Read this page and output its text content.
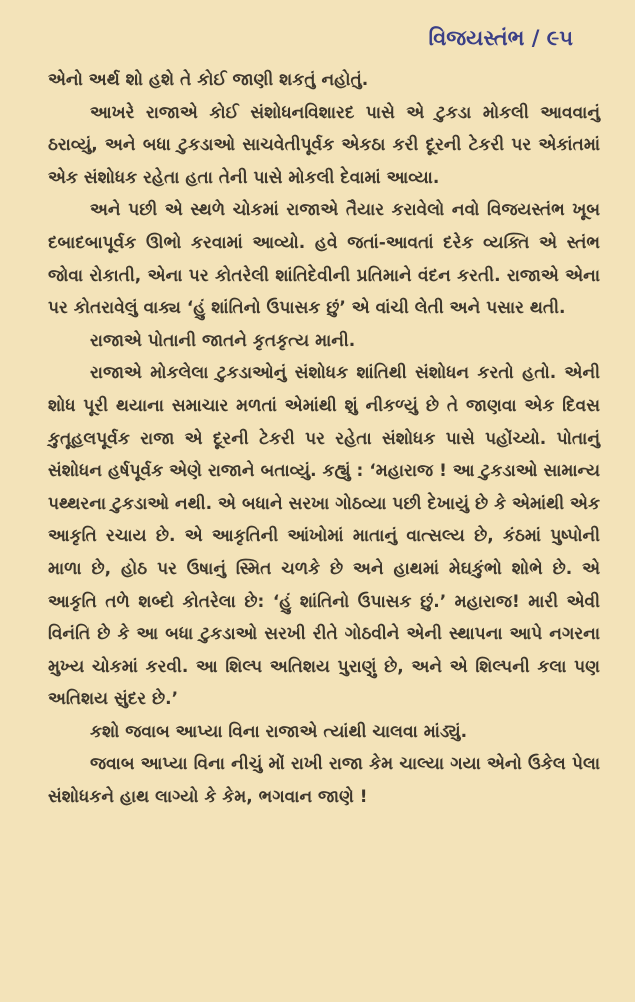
વિજયસ્તંભ / ૯૫

એનો અર્થ શો હશે તે કોઈ જાણી શકતું નહોતું.

આખરે રાજાએ કોઈ સંશોધનવિશારદ પાસે એ ટુકડા મોકલી આવવાનું ઠરાવ્યું, અને બધા ટુકડાઓ સાચવેતીપૂર્વક એકઠા કરી દૂરની ટેકરી પર એકાંતમાં એક સંશોધક રહેતા હતા તેની પાસે મોકલી દેવામાં આવ્યા.

અને પછી એ સ્થળે ચોકમાં રાજાએ તૈયાર કરાવેલો નવો વિજયસ્તંભ ખૂબ દબાદબાપૂર્વક ઊભો કરવામાં આવ્યો. હવે જતાં-આવતાં દરેક વ્યક્તિ એ સ્તંભ જોવા રોકાતી, એના પર કોતરેલી શાંતિદેવીની પ્રતિમાને વંદન કરતી. રાજાએ એના પર કોતરાવેલું વાક્ય ‘હું શાંતિનો ઉપાસક છું’ એ વાંચી લેતી અને પસાર થતી.

રાજાએ પોતાની જાતને કૃતકૃત્ય માની.

રાજાએ મોકલેલા ટુકડાઓનું સંશોધક શાંતિથી સંશોધન કરતો હતો. એની શોધ પૂરી થયાના સમાચાર મળતાં એમાંથી શું નીકળ્યું છે તે જાણવા એક દિવસ કુતૂહલપૂર્વક રાજા એ દૂરની ટેકરી પર રહેતા સંશોધક પાસે પહોંચ્યો. પોતાનું સંશોધન હર્ષપૂર્વક એણે રાજાને બતાવ્યું. કહ્યું : ‘મહારાજ ! આ ટુકડાઓ સામાન્ય પથ્થરના ટુકડાઓ નથી. એ બધાને સરખા ગોઠવ્યા પછી દેખાયું છે કે એમાંથી એક આકૃતિ રચાય છે. એ આકૃતિની આંખોમાં માતાનું વાત્સલ્ય છે, કંઠમાં પુષ્પોની માળા છે, હોઠ પર ઉષાનું સ્મિત ચળકે છે અને હાથમાં મેઘકુંભો શોભે છે. એ આકૃતિ તળે શબ્દો કોતરેલા છે: ‘હું શાંતિનો ઉપાસક છું.’ મહારાજ! મારી એવી વિનંતિ છે કે આ બધા ટુકડાઓ સરખી રીતે ગોઠવીને એની સ્થાપના આપે નગરના મુખ્ય ચોકમાં કરવી. આ શિલ્પ અતિશય પુરાણું છે, અને એ શિલ્પની કલા પણ અતિશય સુંદર છે.’

કશો જવાબ આપ્યા વિના રાજાએ ત્યાંથી ચાલવા માંડ્યું.

જવાબ આપ્યા વિના નીચું મોં રાખી રાજા કેમ ચાલ્યા ગયા એનો ઉકેલ પેલા સંશોધકને હાથ લાગ્યો કે કેમ, ભગવાન જાણે !
